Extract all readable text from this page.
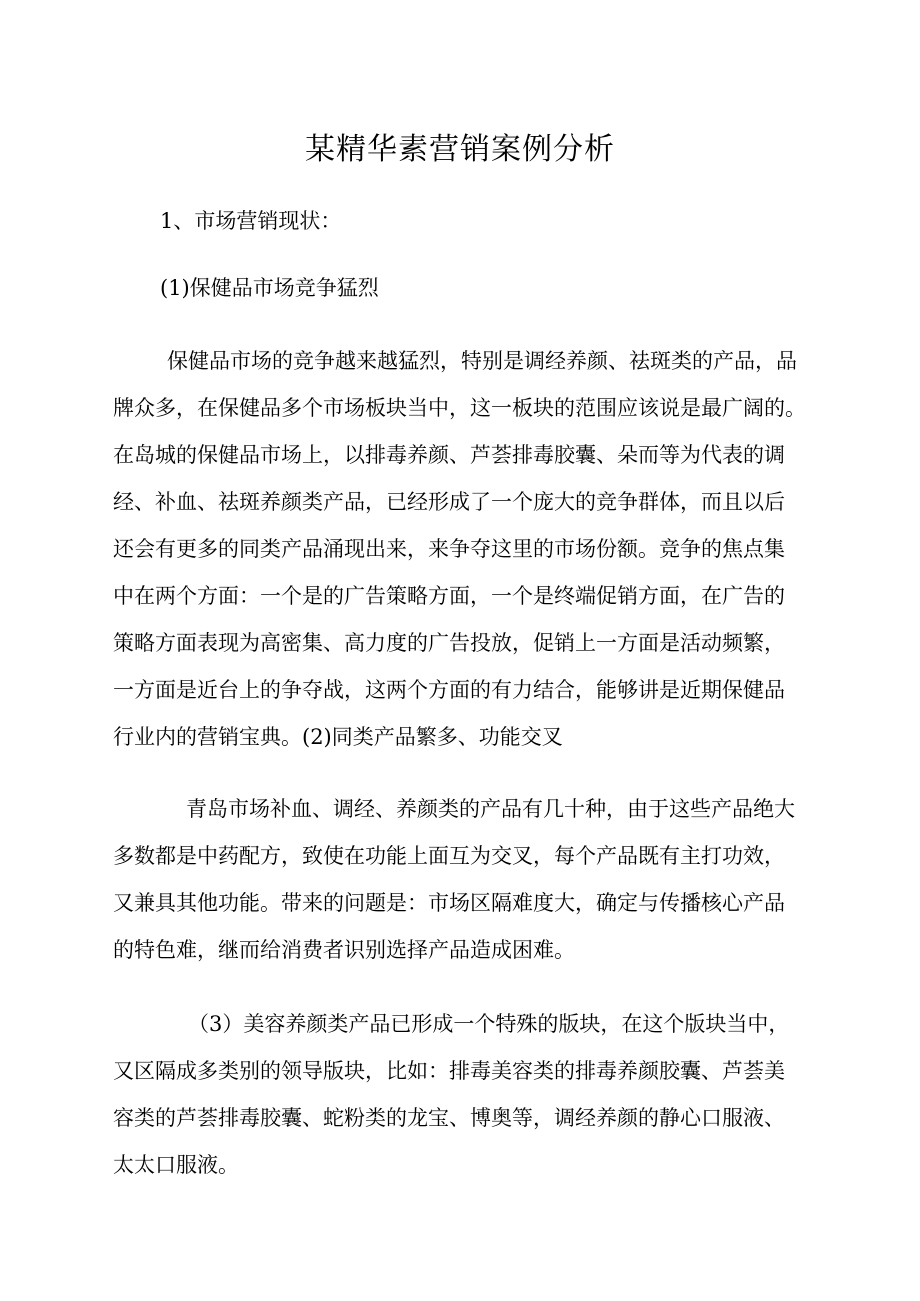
某精华素营销案例分析
1、市场营销现状：
(1)保健品市场竞争猛烈
保健品市场的竞争越来越猛烈，特别是调经养颜、祛斑类的产品，品
牌众多，在保健品多个市场板块当中，这一板块的范围应该说是最广阔的。
在岛城的保健品市场上，以排毒养颜、芦荟排毒胶囊、朵而等为代表的调
经、补血、祛斑养颜类产品，已经形成了一个庞大的竞争群体，而且以后
还会有更多的同类产品涌现出来，来争夺这里的市场份额。竞争的焦点集
中在两个方面：一个是的广告策略方面，一个是终端促销方面，在广告的
策略方面表现为高密集、高力度的广告投放，促销上一方面是活动频繁，
一方面是近台上的争夺战，这两个方面的有力结合，能够讲是近期保健品
行业内的营销宝典。(2)同类产品繁多、功能交叉
青岛市场补血、调经、养颜类的产品有几十种，由于这些产品绝大
多数都是中药配方，致使在功能上面互为交叉，每个产品既有主打功效，
又兼具其他功能。带来的问题是：市场区隔难度大，确定与传播核心产品
的特色难，继而给消费者识别选择产品造成困难。
（3）美容养颜类产品已形成一个特殊的版块，在这个版块当中，
又区隔成多类别的领导版块，比如：排毒美容类的排毒养颜胶囊、芦荟美
容类的芦荟排毒胶囊、蛇粉类的龙宝、博奥等，调经养颜的静心口服液、
太太口服液。
